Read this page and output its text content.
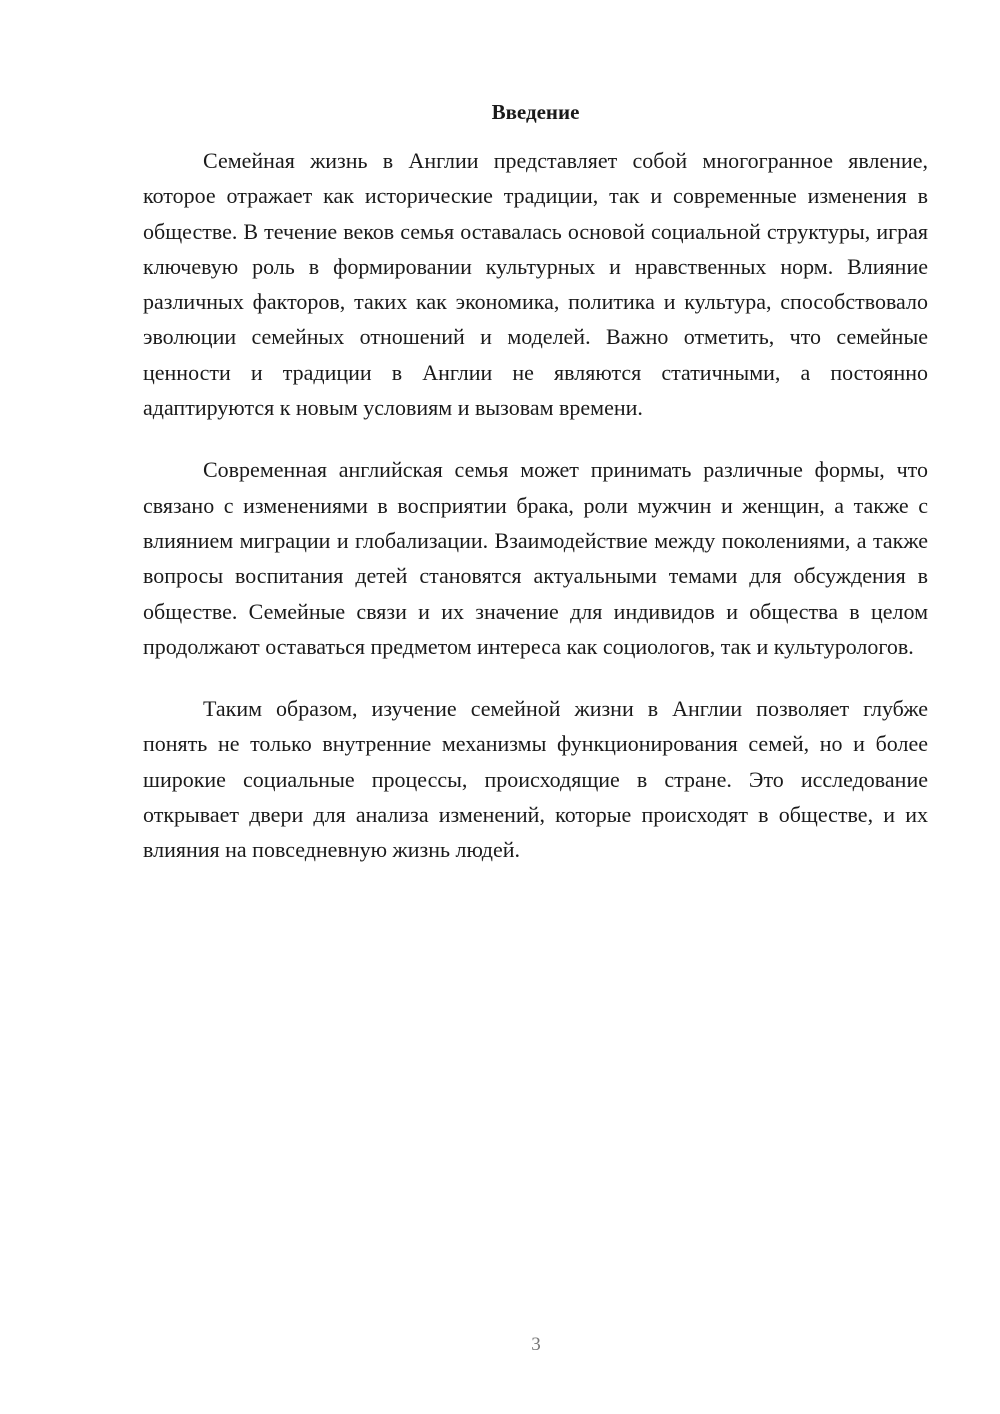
Введение

Семейная жизнь в Англии представляет собой многогранное явление, которое отражает как исторические традиции, так и современные изменения в обществе. В течение веков семья оставалась основой социальной структуры, играя ключевую роль в формировании культурных и нравственных норм. Влияние различных факторов, таких как экономика, политика и культура, способствовало эволюции семейных отношений и моделей. Важно отметить, что семейные ценности и традиции в Англии не являются статичными, а постоянно адаптируются к новым условиям и вызовам времени.

Современная английская семья может принимать различные формы, что связано с изменениями в восприятии брака, роли мужчин и женщин, а также с влиянием миграции и глобализации. Взаимодействие между поколениями, а также вопросы воспитания детей становятся актуальными темами для обсуждения в обществе. Семейные связи и их значение для индивидов и общества в целом продолжают оставаться предметом интереса как социологов, так и культурологов.

Таким образом, изучение семейной жизни в Англии позволяет глубже понять не только внутренние механизмы функционирования семей, но и более широкие социальные процессы, происходящие в стране. Это исследование открывает двери для анализа изменений, которые происходят в обществе, и их влияния на повседневную жизнь людей.

3
